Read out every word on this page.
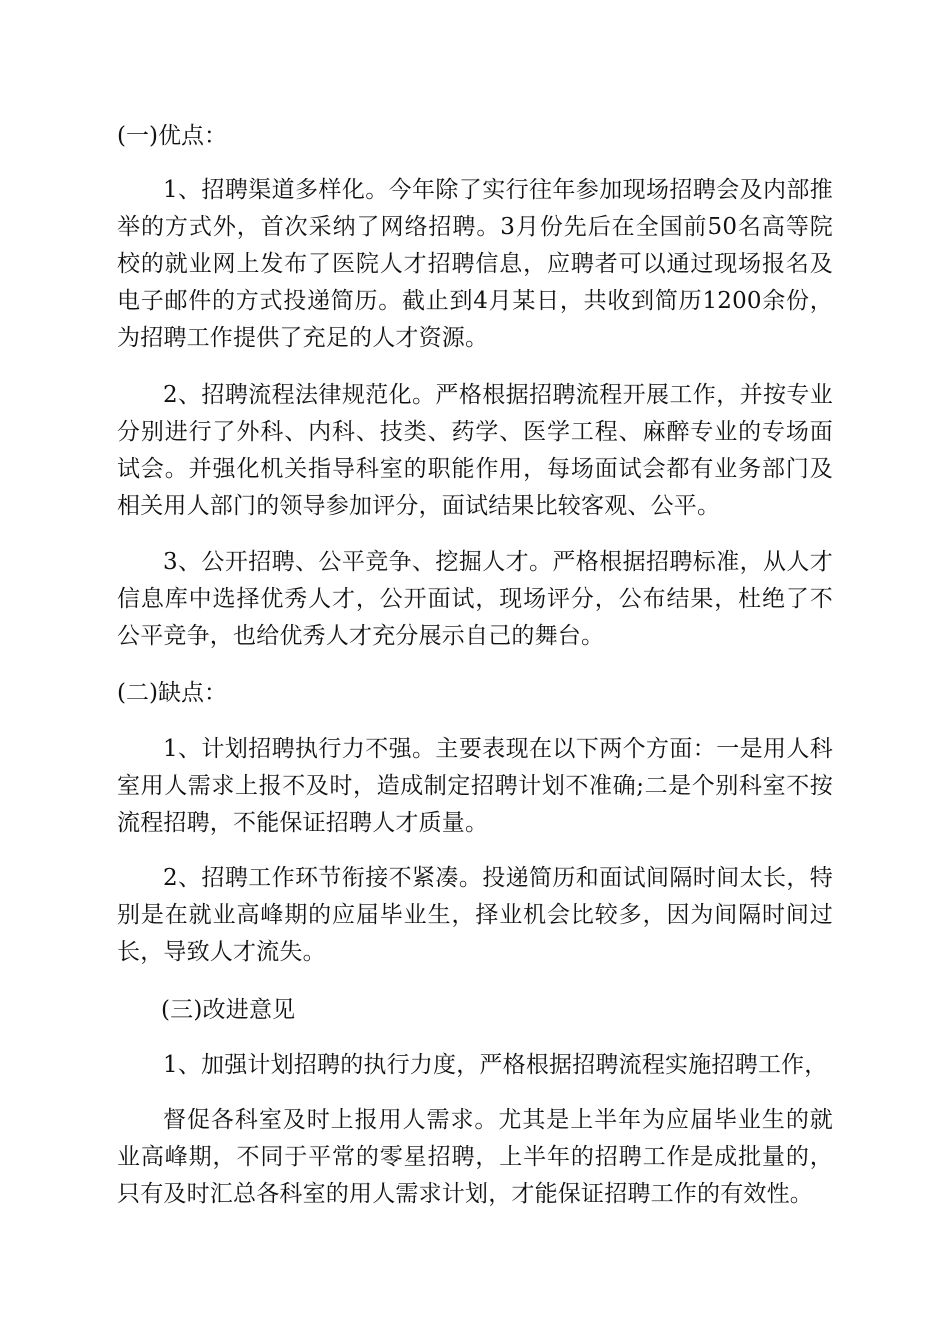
(一)优点：

1、招聘渠道多样化。今年除了实行往年参加现场招聘会及内部推举的方式外，首次采纳了网络招聘。3月份先后在全国前50名高等院校的就业网上发布了医院人才招聘信息，应聘者可以通过现场报名及电子邮件的方式投递简历。截止到4月某日，共收到简历1200余份，为招聘工作提供了充足的人才资源。

2、招聘流程法律规范化。严格根据招聘流程开展工作，并按专业分别进行了外科、内科、技类、药学、医学工程、麻醉专业的专场面试会。并强化机关指导科室的职能作用，每场面试会都有业务部门及相关用人部门的领导参加评分，面试结果比较客观、公平。

3、公开招聘、公平竞争、挖掘人才。严格根据招聘标准，从人才信息库中选择优秀人才，公开面试，现场评分，公布结果，杜绝了不公平竞争，也给优秀人才充分展示自己的舞台。

(二)缺点：

1、计划招聘执行力不强。主要表现在以下两个方面：一是用人科室用人需求上报不及时，造成制定招聘计划不准确;二是个别科室不按流程招聘，不能保证招聘人才质量。

2、招聘工作环节衔接不紧凑。投递简历和面试间隔时间太长，特别是在就业高峰期的应届毕业生，择业机会比较多，因为间隔时间过长，导致人才流失。

(三)改进意见

1、加强计划招聘的执行力度，严格根据招聘流程实施招聘工作，

督促各科室及时上报用人需求。尤其是上半年为应届毕业生的就业高峰期，不同于平常的零星招聘，上半年的招聘工作是成批量的，只有及时汇总各科室的用人需求计划，才能保证招聘工作的有效性。
